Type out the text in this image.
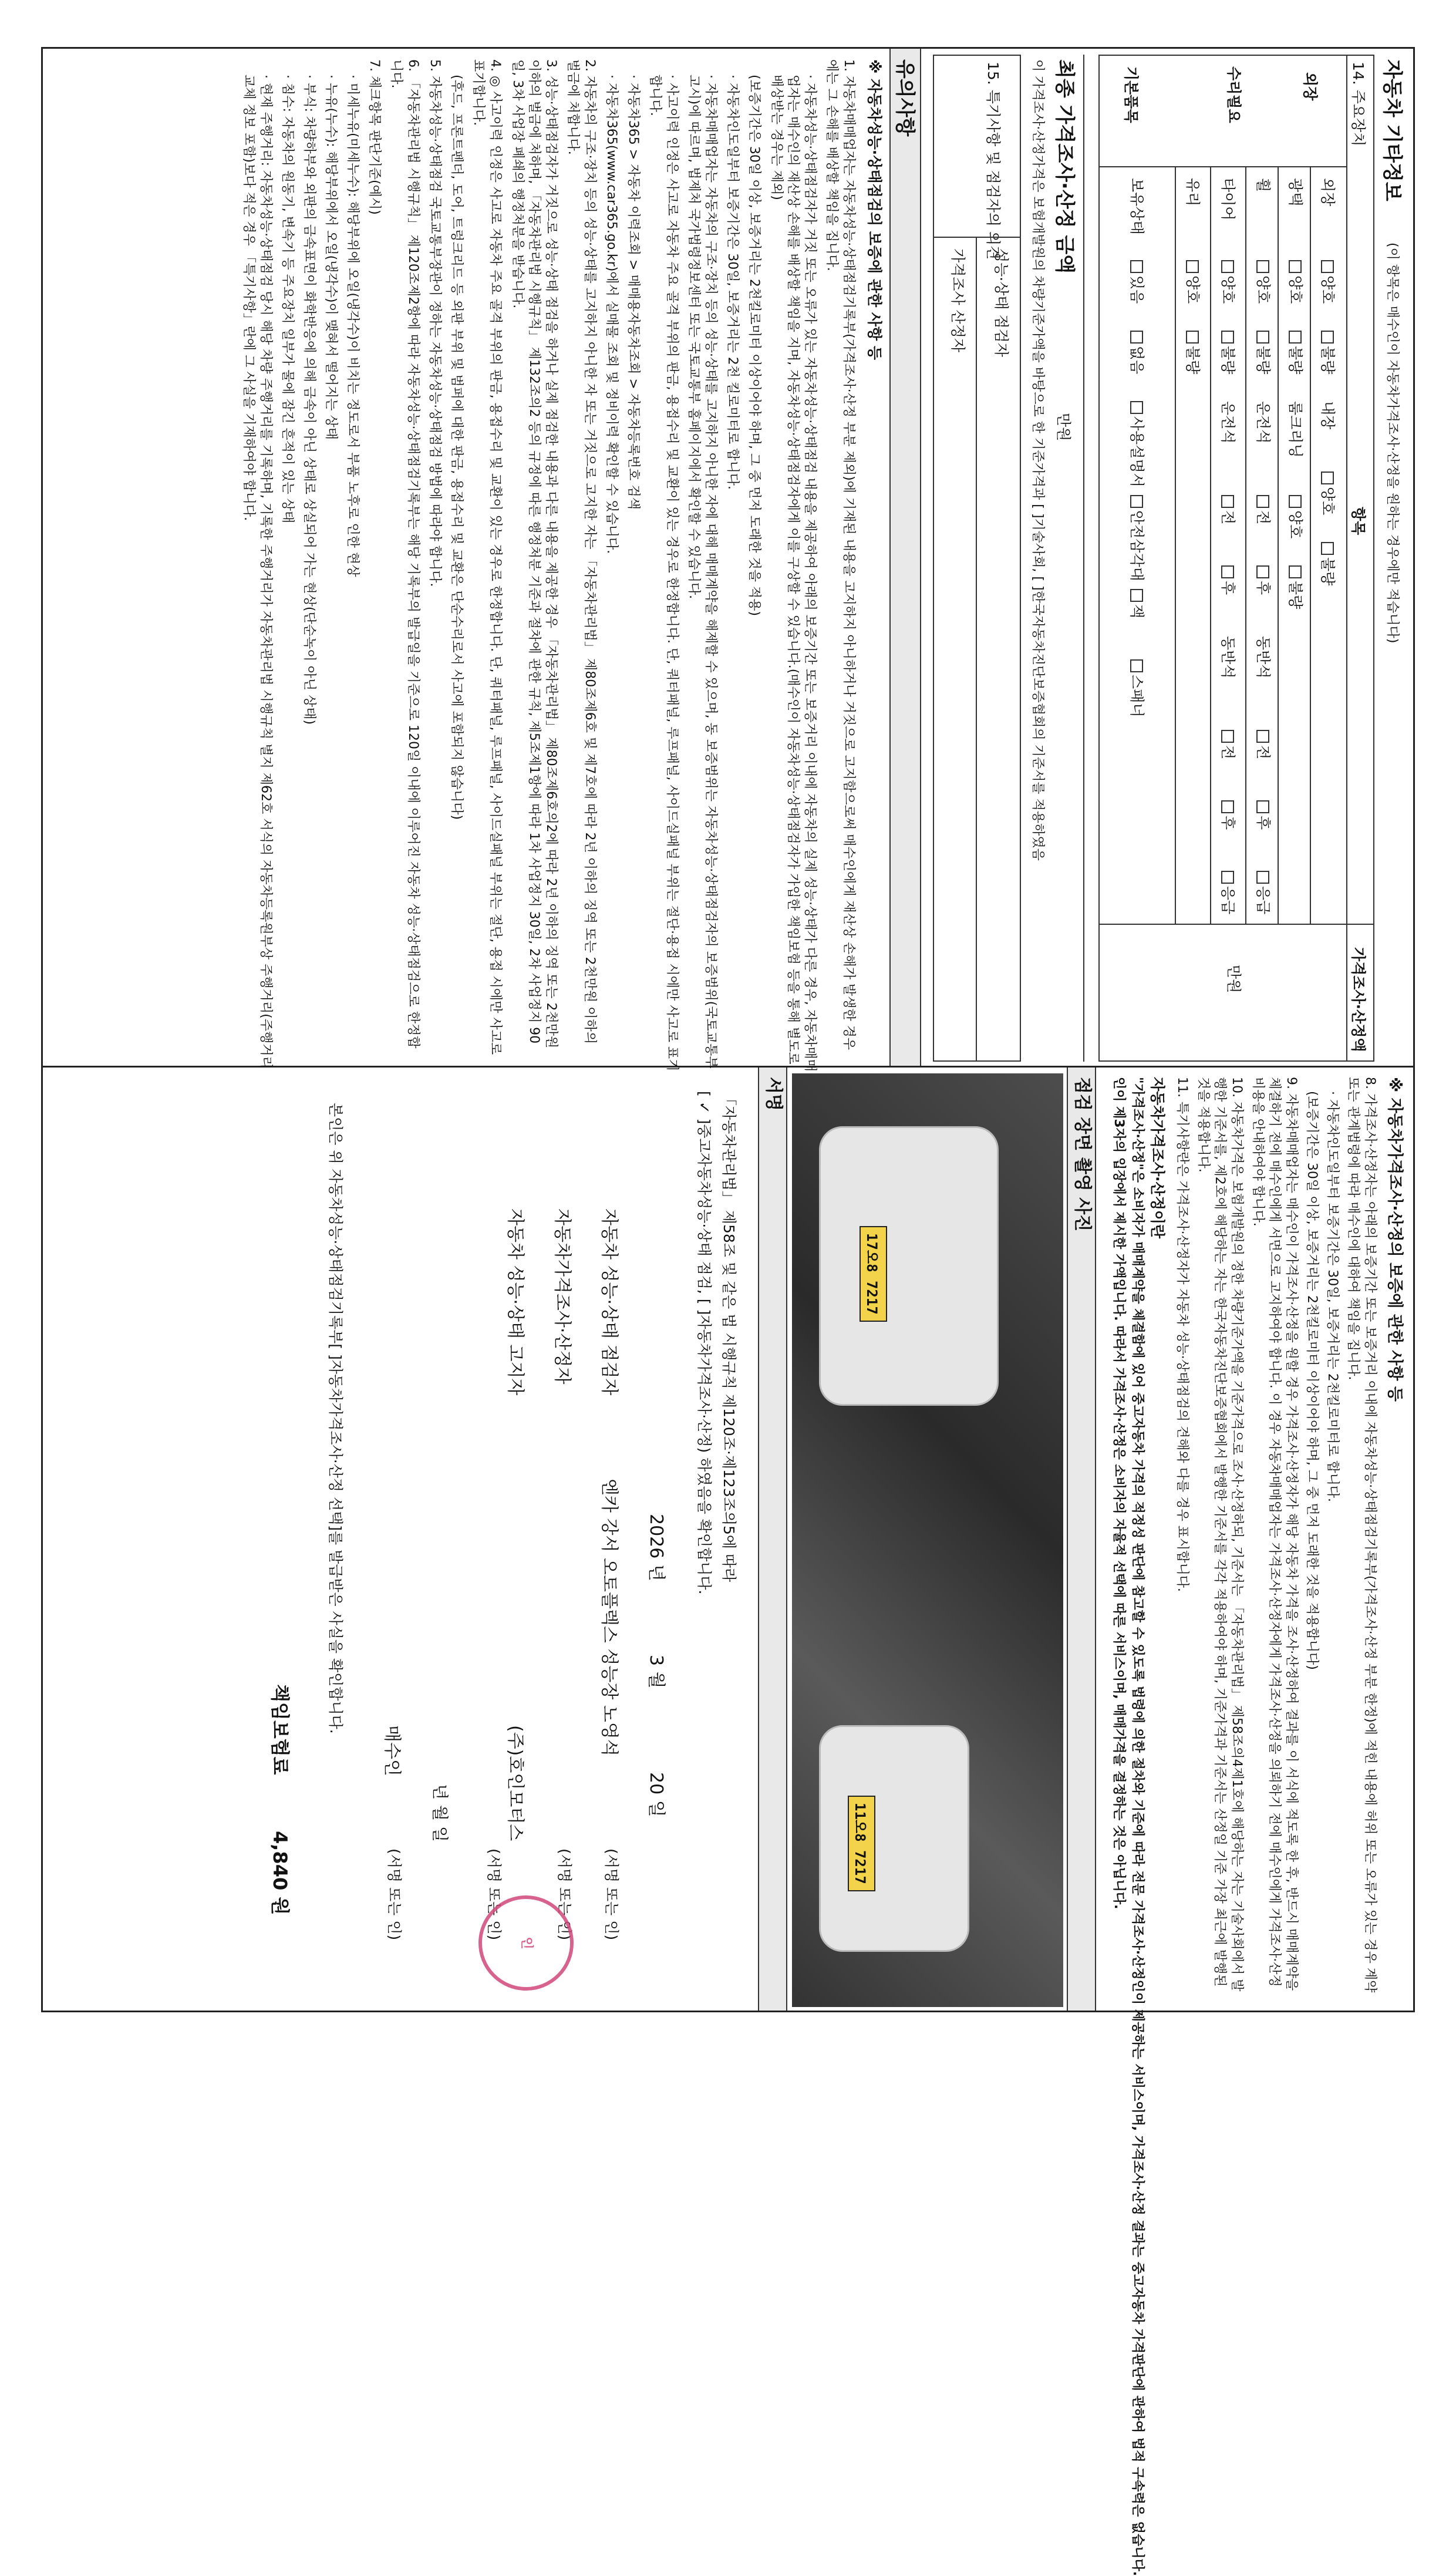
자동차 기타정보
(이 항목은 매수인이 자동차가격조사·산정을 원하는 경우에만 적습니다)
14. 주요장치
항목
가격조사·산정액
외장
수리필요
기본품목
외장
양호
불량
내장
양호
불량
광택
양호
불량
룸크리닝
양호
불량
휠
양호
불량
운전석
전
후
동반석
전
후
응급
타이어
양호
불량
운전석
전
후
동반석
전
후
응급
유리
양호
불량
보유상태
있음
없음
사용설명서
안전삼각대
잭
스패너
만원
최종 가격조사·산정 금액
만원
이 가격조사·산정가격은 보험개발원의 차량기준가액을 바탕으로 한 기준가격과 [ ]기술사회, [ ]한국자동차진단보증협회의 기준서를 적용하였음
15. 특기사항 및 점검자의 의견
성능·상태 점검자
가격조사 산정자
유의사항
※ 자동차성능·상태점검의 보증에 관한 사항 등
1. 자동차매매업자는 자동차성능·상태점검기록부(가격조사·산정 부분 제외)에 기재된 내용을 고지하지 아니하거나 거짓으로 고지함으로써 매수인에게 재산상 손해가 발생한 경우에는 그 손해를 배상할 책임을 집니다.
· 자동차성능·상태점검자가 거짓 또는 오류가 있는 자동차성능·상태점검 내용을 제공하여 아래의 보증기간 또는 보증거리 이내에 자동차의 실제 성능·상태가 다른 경우, 자동차매매업자는 매수인의 재산상 손해를 배상할 책임을 지며, 자동차성능·상태점검자에게 이를 구상할 수 있습니다.(매수인이 자동차성능·상태점검자가 가입한 책임보험 등을 통해 별도로 배상받는 경우는 제외)
(보증기간은 30일 이상, 보증거리는 2천킬로미터 이상이어야 하며, 그 중 먼저 도래한 것을 적용)
· 자동차인도일부터 보증기간은 30일, 보증거리는 2천 킬로미터로 합니다.
· 자동차매매업자는 자동차의 구조·장치 등의 성능·상태를 고지하지 아니한 자에 대해 매매계약을 해제할 수 있으며, 동 보증범위는 자동차성능·상태점검자의 보증범위(국토교통부 고시)에 따르며, 법제처 국가법령정보센터 또는 국토교통부 홈페이지에서 확인할 수 있습니다.
· 사고이력 인정은 사고로 자동차 주요 골격 부위의 판금, 용접수리 및 교환이 있는 경우로 한정합니다. 단, 쿼터패널, 루프패널, 사이드실패널 부위는 절단·용접 시에만 사고로 표기합니다.
· 자동차365 > 자동차 이력조회 > 매매용자동차조회 > 자동차등록번호 검색
· 자동차365(www.car365.go.kr)에서 실매물 조회 및 정비이력 확인할 수 있습니다.
2. 자동차의 구조·장치 등의 성능·상태를 고지하지 아니한 자 또는 거짓으로 고지한 자는 「자동차관리법」 제80조제6호 및 제7호에 따라 2년 이하의 징역 또는 2천만원 이하의 벌금에 처합니다.
3. 성능·상태점검자가 거짓으로 성능·상태 점검을 하거나 실제 점검한 내용과 다른 내용을 제공한 경우 「자동차관리법」 제80조제6호의2에 따라 2년 이하의 징역 또는 2천만원 이하의 벌금에 처하며, 「자동차관리법 시행규칙」 제132조의2 등의 규정에 따른 행정처분 기준과 절차에 관한 규칙, 제5조제1항에 따라 1차 사업정지 30일, 2차 사업정지 90일, 3차 사업장 폐쇄의 행정처분을 받습니다.
4. ◎ 사고이력 인정은 사고로 자동차 주요 골격 부위의 판금, 용접수리 및 교환이 있는 경우로 한정합니다. 단, 쿼터패널, 루프패널, 사이드실패널 부위는 절단, 용접 시에만 사고로 표기합니다.
(후드, 프론트펜더, 도어, 트렁크리드 등 외판 부위 및 범퍼에 대한 판금, 용접수리 및 교환은 단순수리로서 사고에 포함되지 않습니다)
5. 자동차성능·상태점검 국토교통부장관이 정하는 자동차성능·상태점검 방법에 따라야 합니다.
6. 「자동차관리법 시행규칙」 제120조제2항에 따라 자동차성능·상태점검기록부는 해당 기록부의 발급일을 기준으로 120일 이내에 이루어진 자동차 성능·상태점검으로 한정합니다.
7. 체크항목 판단기준(예시)
· 미세누유(미세누수): 해당부위에 오일(냉각수)이 비치는 정도로서 부품 노후로 인한 현상
· 누유(누수): 해당부위에서 오일(냉각수)이 맺혀서 떨어지는 상태
· 부식: 차량하부와 외판의 금속표면이 화학반응에 의해 금속이 아닌 상태로 상실되어 가는 현상(단순녹이 아닌 상태)
· 침수: 자동차의 원동기, 변속기 등 주요장치 일부가 물에 잠긴 흔적이 있는 상태
· 현재 주행거리: 자동차성능·상태점검 당시 해당 차량 주행거리를 기록하며, 기록한 주행거리가 자동차관리법 시행규칙 별지 제62호 서식의 자동차등록원부상 주행거리(주행거리 교체 정보 포함)보다 적은 경우 「특기사항」란에 그 사실을 기재하여야 합니다.
※ 자동차가격조사·산정의 보증에 관한 사항 등
8. 가격조사·산정자는 아래의 보증기간 또는 보증거리 이내에 자동차성능·상태점검기록부(가격조사·산정 부분 한정)에 적힌 내용에 허위 또는 오류가 있는 경우 계약 또는 관계법령에 따라 매수인에 대하여 책임을 집니다.
· 자동차인도일부터 보증기간은 30일, 보증거리는 2천킬로미터로 합니다.
(보증기간은 30일 이상, 보증거리는 2천킬로미터 이상이어야 하며, 그 중 먼저 도래한 것을 적용합니다)
9. 자동차매매업자는 매수인이 가격조사·산정을 원할 경우 가격조사·산정자가 해당 자동차 가격을 조사·산정하여 결과를 이 서식에 적도록 한 후, 반드시 매매계약을 체결하기 전에 매수인에게 서면으로 고지하여야 합니다. 이 경우 자동차매매업자는 가격조사·산정자에게 가격조사·산정을 의뢰하기 전에 매수인에게 가격조사·산정 비용을 안내하여야 합니다.
10. 자동차가격은 보험개발원의 정한 차량기준가액을 기준가격으로 조사·산정하되, 기준서는 「자동차관리법」 제58조의4제1호에 해당하는 자는 기술사회에서 발행한 기준서를, 제2호에 해당하는 자는 한국자동차진단보증협회에서 발행한 기준서를 각각 적용하여야 하며, 기준가격과 기준서는 산정일 기준 가장 최근에 발행된 것을 적용합니다.
11. 특기사항란은 가격조사·산정자가 자동차 성능·상태점검의 견해와 다를 경우 표시합니다.
자동차가격조사·산정이란
"가격조사·산정"은 소비자가 매매계약을 체결함에 있어 중고자동차 가격의 적정성 판단에 참고할 수 있도록 법령에 의한 절차와 기준에 따라 전문 가격조사·산정인이 제공하는 서비스이며, 가격조사·산정 결과는 중고자동차 가격판단에 관하여 법적 구속력은 없습니다.
인이 제3자의 입장에서 제시한 가액입니다. 따라서 가격조사·산정은 소비자의 자율적 선택에 따른 서비스이며, 매매가격을 결정하는 것은 아닙니다.
점검 장면 촬영 사진
17오8 7217
11오8 7217
서명
「자동차관리법」 제58조 및 같은 법 시행규칙 제120조·제123조의5에 따라
[ ✓ ]중고자동차성능·상태 점검, [ ]자동차가격조사·산정) 하였음을 확인합니다.
2026 년
3 월
20 일
자동차 성능·상태 점검자
엔카 강서 오토플렉스 성능장 노영석
(서명 또는 인)
자동차가격조사·산정자
(서명 또는 인)
자동차 성능·상태 고지자
(주)호인모터스
(서명 또는 인)
인
년 월 일
매수인
(서명 또는 인)
본인은 위 자동차성능·상태점검기록부[ ]자동차가격조사·산정 선택]를 발급받은 사실을 확인합니다.
책임보험료
4,840 원
